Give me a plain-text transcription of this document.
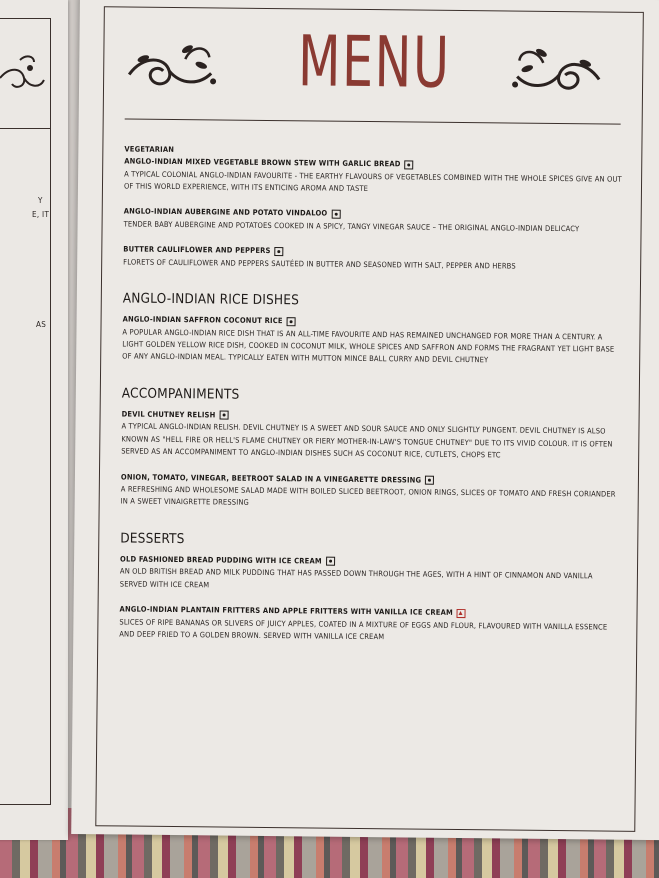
Y
E, IT
AS
MENU
VEGETARIAN
ANGLO-INDIAN MIXED VEGETABLE BROWN STEW WITH GARLIC BREAD
A TYPICAL COLONIAL ANGLO-INDIAN FAVOURITE - THE EARTHY FLAVOURS OF VEGETABLES COMBINED WITH THE WHOLE SPICES GIVE AN OUT OF THIS WORLD EXPERIENCE, WITH ITS ENTICING AROMA AND TASTE
ANGLO-INDIAN AUBERGINE AND POTATO VINDALOO
TENDER BABY AUBERGINE AND POTATOES COOKED IN A SPICY, TANGY VINEGAR SAUCE – THE ORIGINAL ANGLO-INDIAN DELICACY
BUTTER CAULIFLOWER AND PEPPERS
FLORETS OF CAULIFLOWER AND PEPPERS SAUTÉED IN BUTTER AND SEASONED WITH SALT, PEPPER AND HERBS
ANGLO-INDIAN RICE DISHES
ANGLO-INDIAN SAFFRON COCONUT RICE
A POPULAR ANGLO-INDIAN RICE DISH THAT IS AN ALL-TIME FAVOURITE AND HAS REMAINED UNCHANGED FOR MORE THAN A CENTURY. A LIGHT GOLDEN YELLOW RICE DISH, COOKED IN COCONUT MILK, WHOLE SPICES AND SAFFRON AND FORMS THE FRAGRANT YET LIGHT BASE OF ANY ANGLO-INDIAN MEAL. TYPICALLY EATEN WITH MUTTON MINCE BALL CURRY AND DEVIL CHUTNEY
ACCOMPANIMENTS
DEVIL CHUTNEY RELISH
A TYPICAL ANGLO-INDIAN RELISH. DEVIL CHUTNEY IS A SWEET AND SOUR SAUCE AND ONLY SLIGHTLY PUNGENT. DEVIL CHUTNEY IS ALSO KNOWN AS "HELL FIRE OR HELL'S FLAME CHUTNEY OR FIERY MOTHER-IN-LAW'S TONGUE CHUTNEY" DUE TO ITS VIVID COLOUR. IT IS OFTEN SERVED AS AN ACCOMPANIMENT TO ANGLO-INDIAN DISHES SUCH AS COCONUT RICE, CUTLETS, CHOPS ETC
ONION, TOMATO, VINEGAR, BEETROOT SALAD IN A VINEGARETTE DRESSING
A REFRESHING AND WHOLESOME SALAD MADE WITH BOILED SLICED BEETROOT, ONION RINGS, SLICES OF TOMATO AND FRESH CORIANDER IN A SWEET VINAIGRETTE DRESSING
DESSERTS
OLD FASHIONED BREAD PUDDING WITH ICE CREAM
AN OLD BRITISH BREAD AND MILK PUDDING THAT HAS PASSED DOWN THROUGH THE AGES, WITH A HINT OF CINNAMON AND VANILLA SERVED WITH ICE CREAM
ANGLO-INDIAN PLANTAIN FRITTERS AND APPLE FRITTERS WITH VANILLA ICE CREAM
SLICES OF RIPE BANANAS OR SLIVERS OF JUICY APPLES, COATED IN A MIXTURE OF EGGS AND FLOUR, FLAVOURED WITH VANILLA ESSENCE AND DEEP FRIED TO A GOLDEN BROWN. SERVED WITH VANILLA ICE CREAM
